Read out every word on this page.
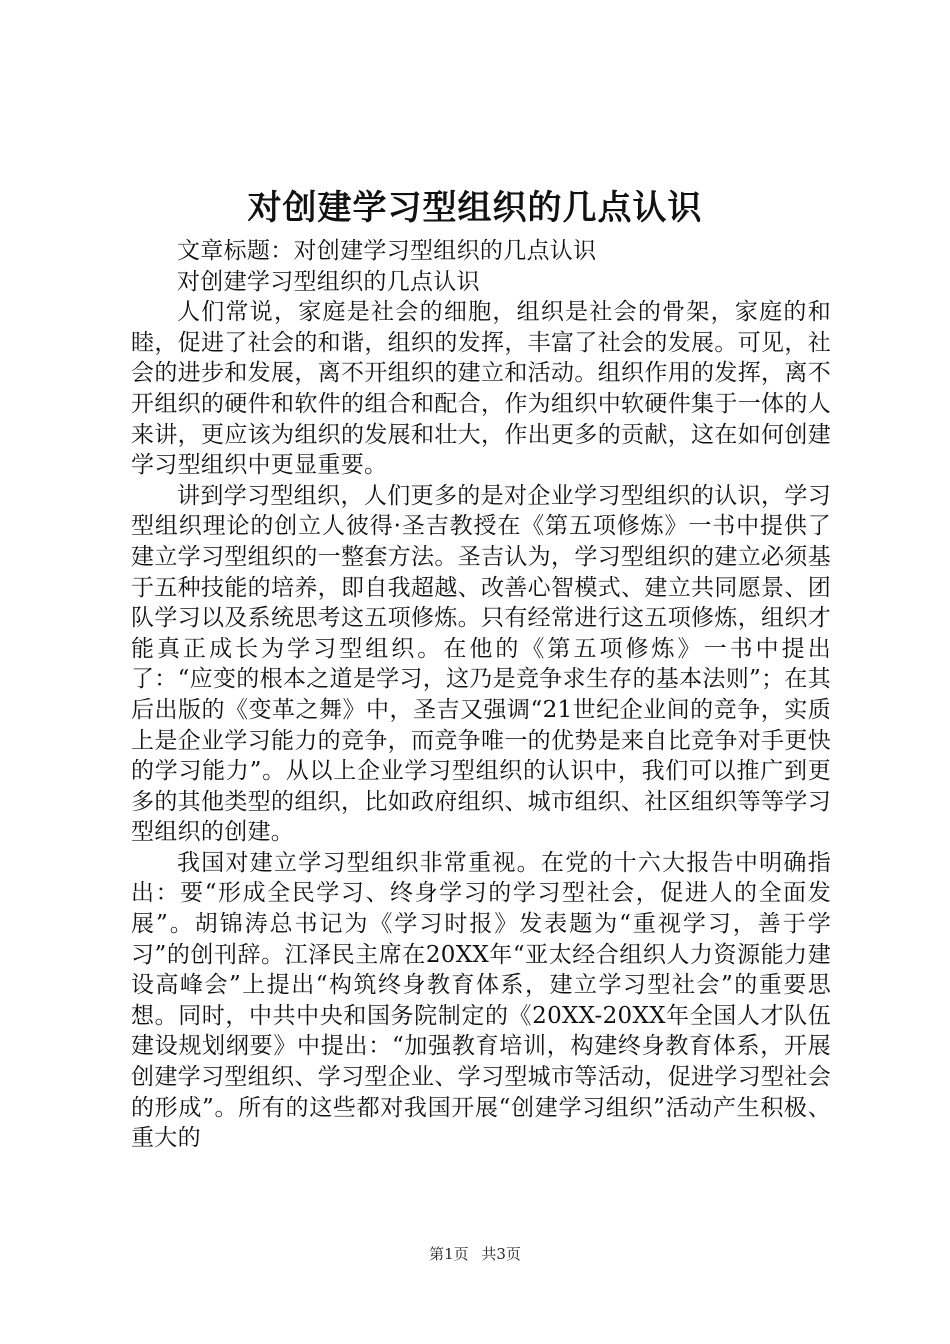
对创建学习型组织的几点认识

文章标题：对创建学习型组织的几点认识

对创建学习型组织的几点认识

人们常说，家庭是社会的细胞，组织是社会的骨架，家庭的和睦，促进了社会的和谐，组织的发挥，丰富了社会的发展。可见，社会的进步和发展，离不开组织的建立和活动。组织作用的发挥，离不开组织的硬件和软件的组合和配合，作为组织中软硬件集于一体的人来讲，更应该为组织的发展和壮大，作出更多的贡献，这在如何创建学习型组织中更显重要。

讲到学习型组织，人们更多的是对企业学习型组织的认识，学习型组织理论的创立人彼得·圣吉教授在《第五项修炼》一书中提供了建立学习型组织的一整套方法。圣吉认为，学习型组织的建立必须基于五种技能的培养，即自我超越、改善心智模式、建立共同愿景、团队学习以及系统思考这五项修炼。只有经常进行这五项修炼，组织才能真正成长为学习型组织。在他的《第五项修炼》一书中提出了：“应变的根本之道是学习，这乃是竞争求生存的基本法则”；在其后出版的《变革之舞》中，圣吉又强调“21世纪企业间的竞争，实质上是企业学习能力的竞争，而竞争唯一的优势是来自比竞争对手更快的学习能力”。从以上企业学习型组织的认识中，我们可以推广到更多的其他类型的组织，比如政府组织、城市组织、社区组织等等学习型组织的创建。

我国对建立学习型组织非常重视。在党的十六大报告中明确指出：要“形成全民学习、终身学习的学习型社会，促进人的全面发展”。胡锦涛总书记为《学习时报》发表题为“重视学习，善于学习”的创刊辞。江泽民主席在20XX年“亚太经合组织人力资源能力建设高峰会”上提出“构筑终身教育体系，建立学习型社会”的重要思想。同时，中共中央和国务院制定的《20XX-20XX年全国人才队伍建设规划纲要》中提出：“加强教育培训，构建终身教育体系，开展创建学习型组织、学习型企业、学习型城市等活动，促进学习型社会的形成”。所有的这些都对我国开展“创建学习组织”活动产生积极、重大的

第1页 共3页
